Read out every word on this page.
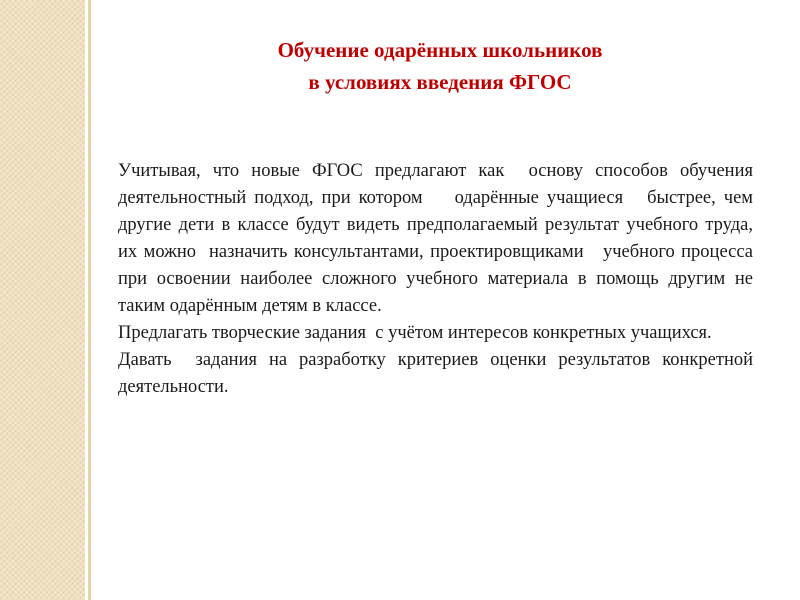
Обучение одарённых школьников
в условиях введения ФГОС

Учитывая, что новые ФГОС предлагают как  основу способов обучения деятельностный подход, при котором    одарённые учащиеся   быстрее, чем другие дети в классе будут видеть предполагаемый результат учебного труда, их можно  назначить консультантами, проектировщиками   учебного процесса при освоении наиболее сложного учебного материала в помощь другим не таким одарённым детям в классе.

Предлагать творческие задания  с учётом интересов конкретных учащихся.

Давать  задания на разработку критериев оценки результатов конкретной деятельности.
